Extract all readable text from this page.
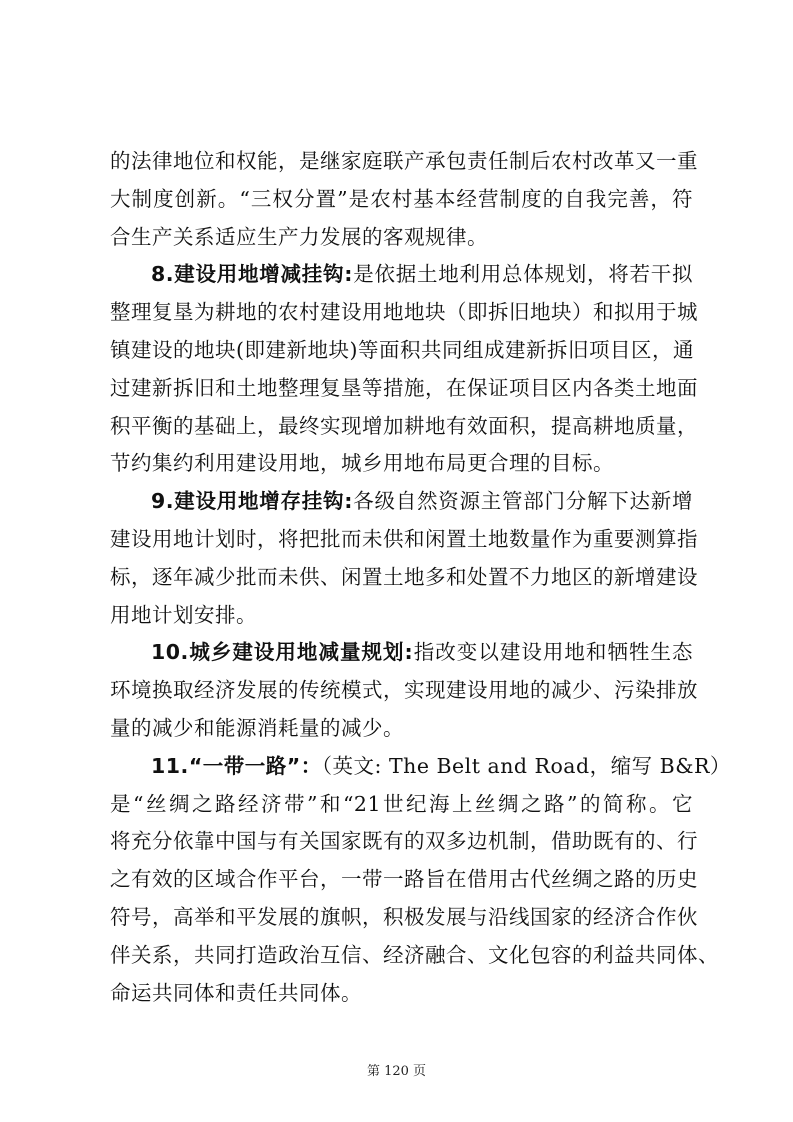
的法律地位和权能，是继家庭联产承包责任制后农村改革又一重
大制度创新。“三权分置”是农村基本经营制度的自我完善，符
合生产关系适应生产力发展的客观规律。
8.建设用地增减挂钩:是依据土地利用总体规划，将若干拟
整理复垦为耕地的农村建设用地地块（即拆旧地块）和拟用于城
镇建设的地块(即建新地块)等面积共同组成建新拆旧项目区，通
过建新拆旧和土地整理复垦等措施，在保证项目区内各类土地面
积平衡的基础上，最终实现增加耕地有效面积，提高耕地质量，
节约集约利用建设用地，城乡用地布局更合理的目标。
9.建设用地增存挂钩:各级自然资源主管部门分解下达新增
建设用地计划时，将把批而未供和闲置土地数量作为重要测算指
标，逐年减少批而未供、闲置土地多和处置不力地区的新增建设
用地计划安排。
10.城乡建设用地减量规划:指改变以建设用地和牺牲生态
环境换取经济发展的传统模式，实现建设用地的减少、污染排放
量的减少和能源消耗量的减少。
11.“一带一路”：（英文: The Belt and Road，缩写 B&R）
是“丝绸之路经济带”和“21世纪海上丝绸之路”的简称。它
将充分依靠中国与有关国家既有的双多边机制，借助既有的、行
之有效的区域合作平台，一带一路旨在借用古代丝绸之路的历史
符号，高举和平发展的旗帜，积极发展与沿线国家的经济合作伙
伴关系，共同打造政治互信、经济融合、文化包容的利益共同体、
命运共同体和责任共同体。
第 120 页
